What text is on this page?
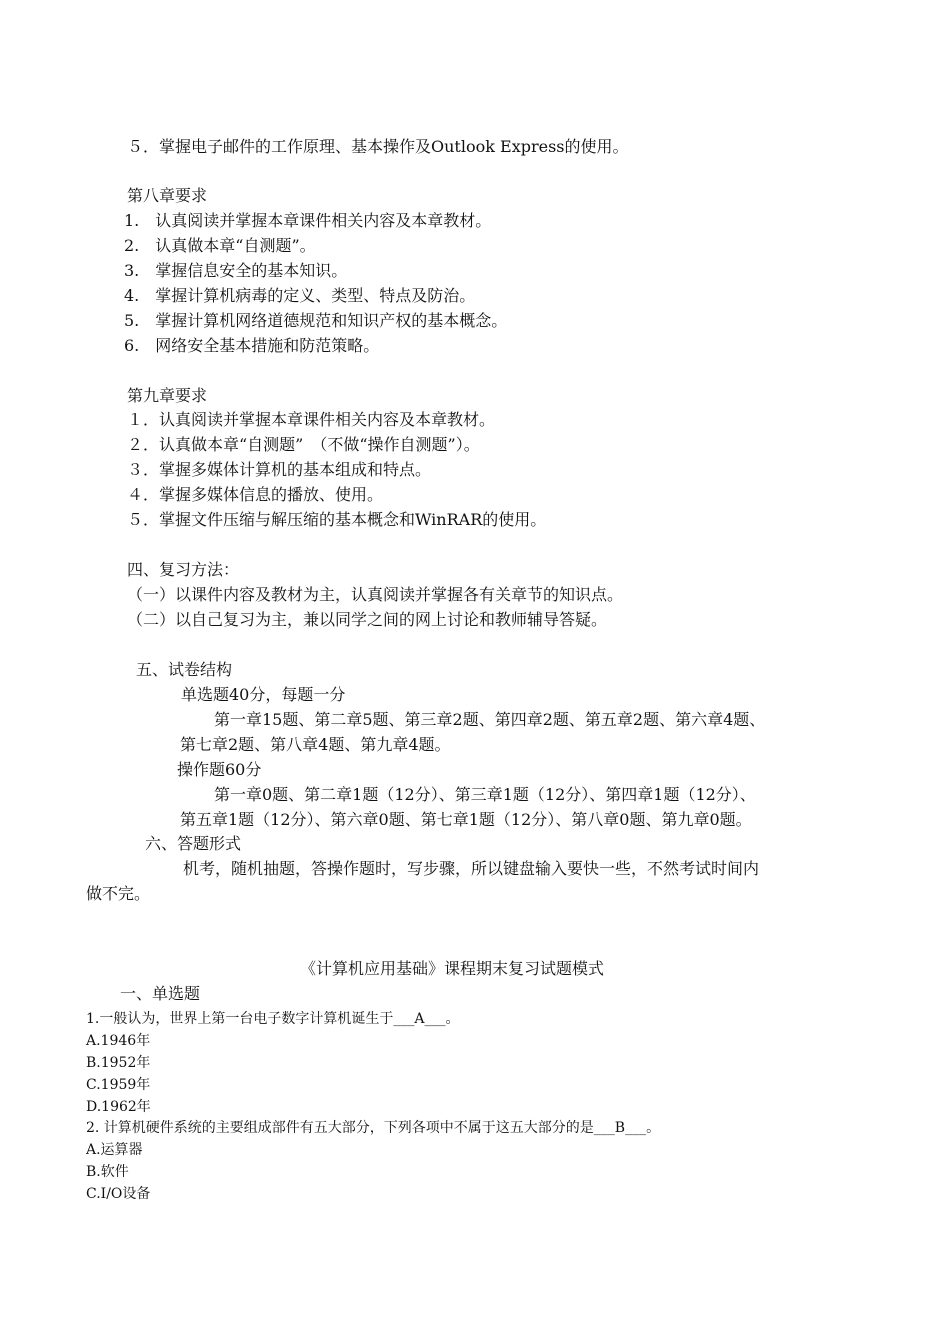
５．掌握电子邮件的工作原理、基本操作及Outlook Express的使用。
第八章要求
1.　认真阅读并掌握本章课件相关内容及本章教材。
2.　认真做本章“自测题”。
3.　掌握信息安全的基本知识。
4.　掌握计算机病毒的定义、类型、特点及防治。
5.　掌握计算机网络道德规范和知识产权的基本概念。
6.　网络安全基本措施和防范策略。
第九章要求
１．认真阅读并掌握本章课件相关内容及本章教材。
２．认真做本章“自测题”　（不做“操作自测题”）。
３．掌握多媒体计算机的基本组成和特点。
４．掌握多媒体信息的播放、使用。
５．掌握文件压缩与解压缩的基本概念和WinRAR的使用。
四、复习方法：
（一）以课件内容及教材为主，认真阅读并掌握各有关章节的知识点。
（二）以自己复习为主，兼以同学之间的网上讨论和教师辅导答疑。
五、试卷结构
单选题40分，每题一分
第一章15题、第二章5题、第三章2题、第四章2题、第五章2题、第六章4题、
第七章2题、第八章4题、第九章4题。
操作题60分
第一章0题、第二章1题（12分）、第三章1题（12分）、第四章1题（12分）、
第五章1题（12分）、第六章0题、第七章1题（12分）、第八章0题、第九章0题。
六、答题形式
机考，随机抽题，答操作题时，写步骤，所以键盘输入要快一些，不然考试时间内
做不完。
《计算机应用基础》课程期末复习试题模式
一、单选题
1.一般认为，世界上第一台电子数字计算机诞生于___A___。
A.1946年
B.1952年
C.1959年
D.1962年
2. 计算机硬件系统的主要组成部件有五大部分，下列各项中不属于这五大部分的是___B___。
A.运算器
B.软件
C.I/O设备
